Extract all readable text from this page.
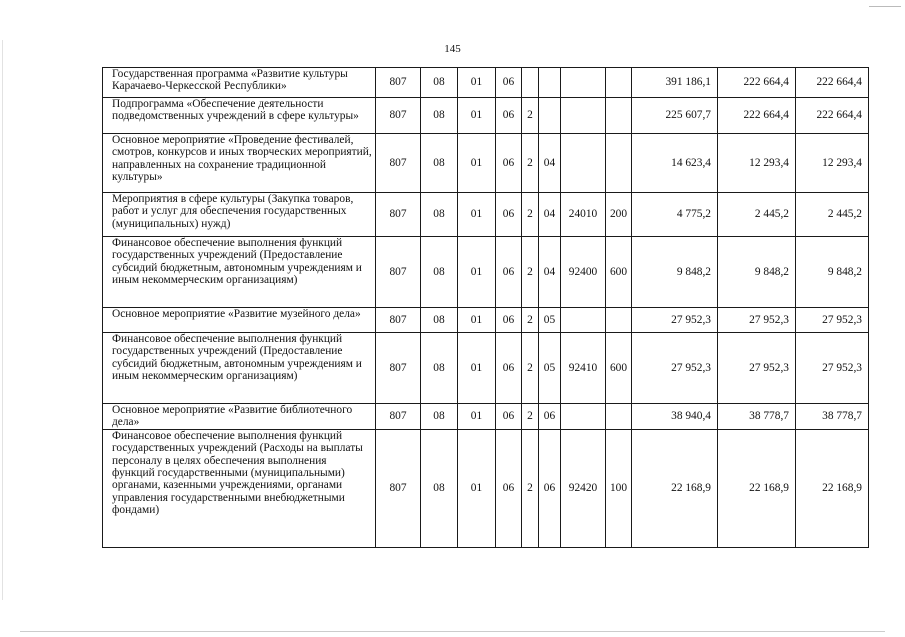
145
Государственная программа «Развитие культуры Карачаево-Черкесской Республики»	807	08	01	06					391 186,1	222 664,4	222 664,4
Подпрограмма «Обеспечение деятельности подведомственных учреждений в сфере культуры»	807	08	01	06	2				225 607,7	222 664,4	222 664,4
Основное мероприятие «Проведение фестивалей, смотров, конкурсов и иных творческих мероприятий, направленных на сохранение традиционной культуры»	807	08	01	06	2	04			14 623,4	12 293,4	12 293,4
Мероприятия в сфере культуры (Закупка товаров, работ и услуг для обеспечения государственных (муниципальных) нужд)	807	08	01	06	2	04	24010	200	4 775,2	2 445,2	2 445,2
Финансовое обеспечение выполнения функций государственных учреждений (Предоставление субсидий бюджетным, автономным учреждениям и иным некоммерческим организациям)	807	08	01	06	2	04	92400	600	9 848,2	9 848,2	9 848,2
Основное мероприятие «Развитие музейного дела»	807	08	01	06	2	05			27 952,3	27 952,3	27 952,3
Финансовое обеспечение выполнения функций государственных учреждений (Предоставление субсидий бюджетным, автономным учреждениям и иным некоммерческим организациям)	807	08	01	06	2	05	92410	600	27 952,3	27 952,3	27 952,3
Основное мероприятие «Развитие библиотечного дела»	807	08	01	06	2	06			38 940,4	38 778,7	38 778,7
Финансовое обеспечение выполнения функций государственных учреждений (Расходы на выплаты персоналу в целях обеспечения выполнения функций государственными (муниципальными) органами, казенными учреждениями, органами управления государственными внебюджетными фондами)	807	08	01	06	2	06	92420	100	22 168,9	22 168,9	22 168,9
